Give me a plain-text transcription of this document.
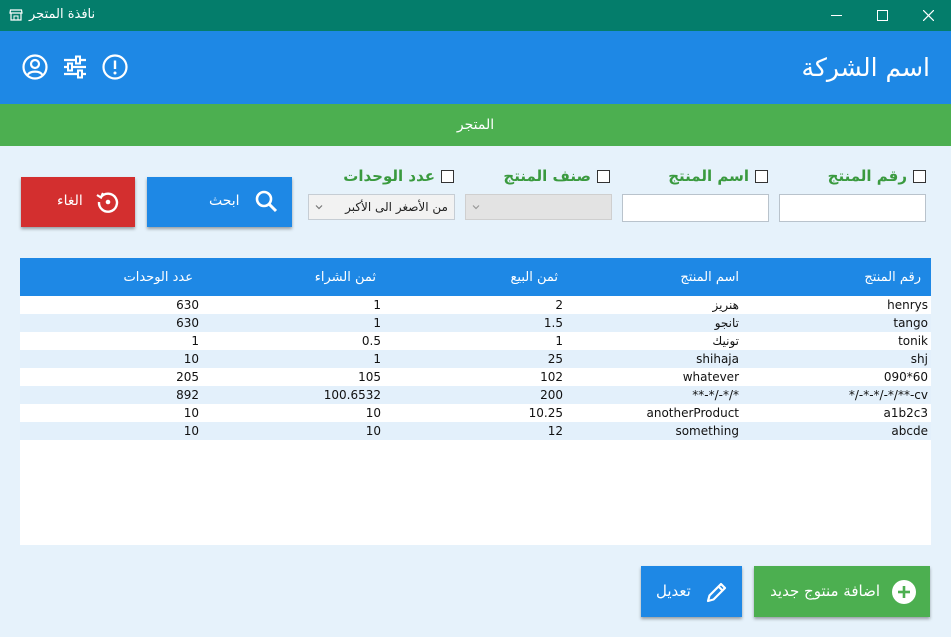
نافذة المتجر
اسم الشركة
المتجر
رقم المنتج
اسم المنتج
صنف المنتج
عدد الوحدات
من الأصغر الى الأكبر
ابحث
الغاء
رقم المنتج
اسم المنتج
ثمن البيع
ثمن الشراء
عدد الوحدات
henrys
هنريز
2
1
630
tango
تانجو
1.5
1
630
tonik
تونيك
1
0.5
1
shj
shihaja
25
1
10
090*60
whatever
102
105
205
*/-*-*/-*/**-cv
**-*/-*/*
200
100.6532
892
a1b2c3
anotherProduct
10.25
10
10
abcde
something
12
10
10
اضافة منتوج جديد
تعديل
